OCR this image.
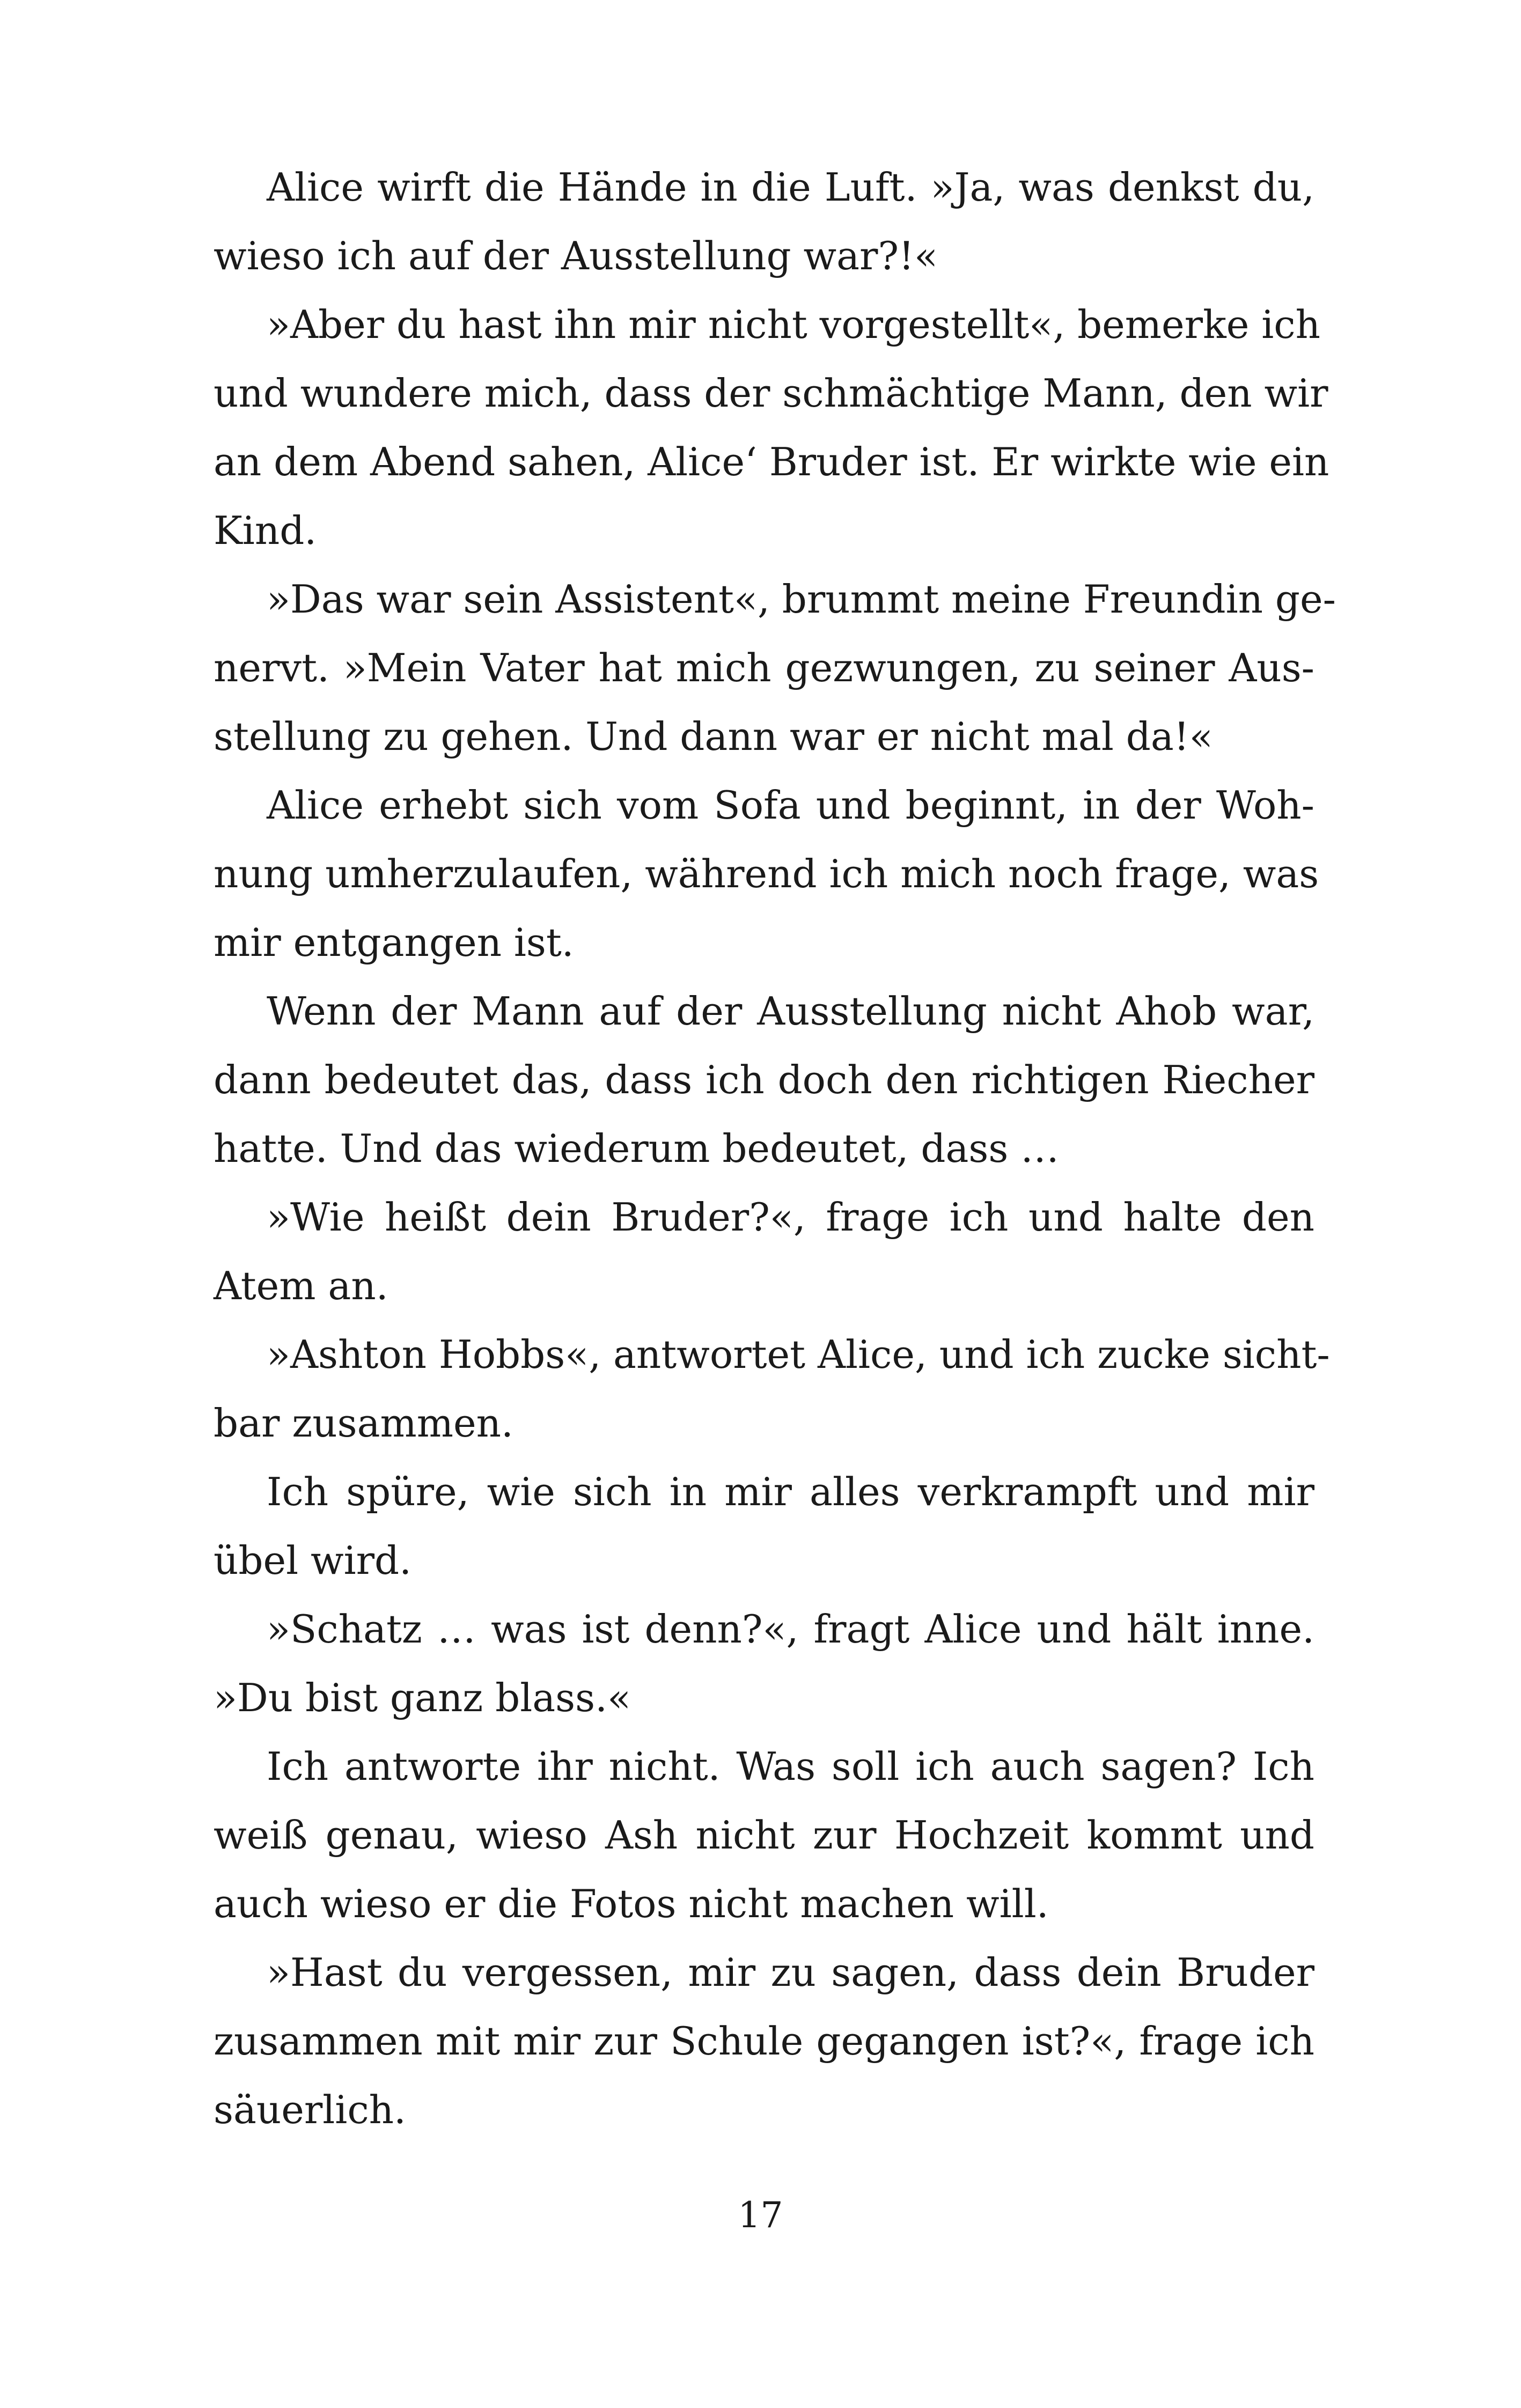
Alice wirft die Hände in die Luft. »Ja, was denkst du,
wieso ich auf der Ausstellung war?!«
»Aber du hast ihn mir nicht vorgestellt«, bemerke ich
und wundere mich, dass der schmächtige Mann, den wir
an dem Abend sahen, Alice‘ Bruder ist. Er wirkte wie ein
Kind.
»Das war sein Assistent«, brummt meine Freundin ge-
nervt. »Mein Vater hat mich gezwungen, zu seiner Aus-
stellung zu gehen. Und dann war er nicht mal da!«
Alice erhebt sich vom Sofa und beginnt, in der Woh-
nung umherzulaufen, während ich mich noch frage, was
mir entgangen ist.
Wenn der Mann auf der Ausstellung nicht Ahob war,
dann bedeutet das, dass ich doch den richtigen Riecher
hatte. Und das wiederum bedeutet, dass …
»Wie heißt dein Bruder?«, frage ich und halte den
Atem an.
»Ashton Hobbs«, antwortet Alice, und ich zucke sicht-
bar zusammen.
Ich spüre, wie sich in mir alles verkrampft und mir
übel wird.
»Schatz … was ist denn?«, fragt Alice und hält inne.
»Du bist ganz blass.«
Ich antworte ihr nicht. Was soll ich auch sagen? Ich
weiß genau, wieso Ash nicht zur Hochzeit kommt und
auch wieso er die Fotos nicht machen will.
»Hast du vergessen, mir zu sagen, dass dein Bruder
zusammen mit mir zur Schule gegangen ist?«, frage ich
säuerlich.
17
